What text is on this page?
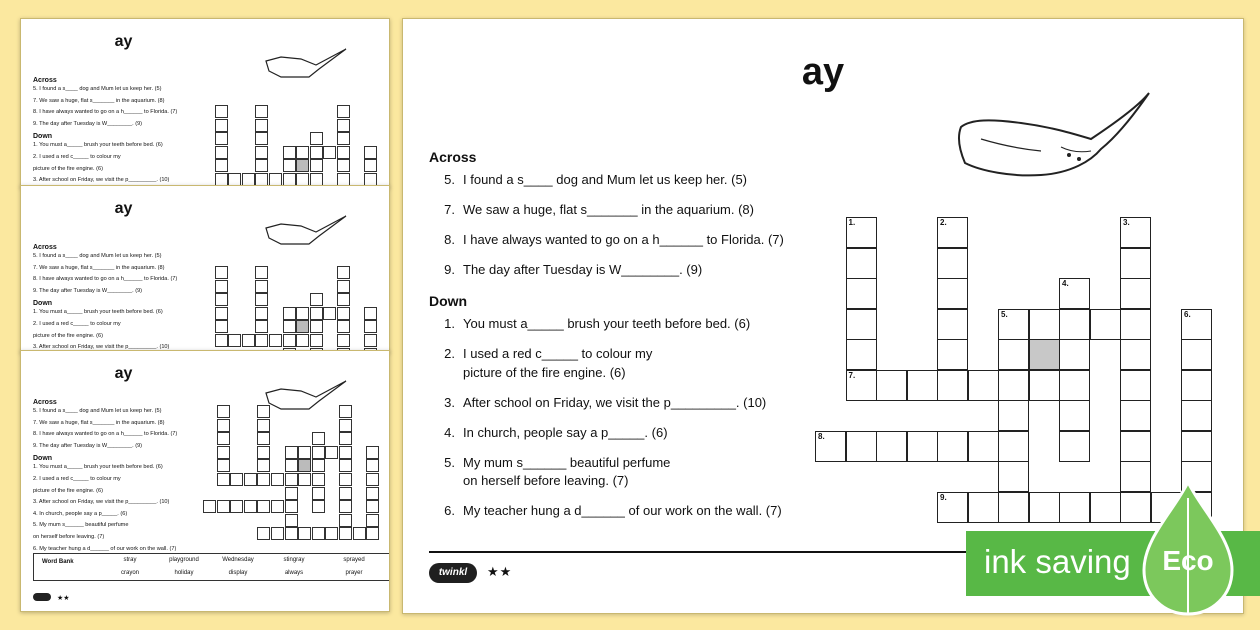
ay
Across
5. I found a s____ dog and Mum let us keep her. (5)
7. We saw a huge, flat s_______ in the aquarium. (8)
8. I have always wanted to go on a h______ to Florida. (7)
9. The day after Tuesday is W________. (9)
Down
1. You must a_____ brush your teeth before bed. (6)
2. I used a red c_____ to colour my
picture of the fire engine. (6)
3. After school on Friday, we visit the p_________. (10)
ay
Across
5. I found a s____ dog and Mum let us keep her. (5)
7. We saw a huge, flat s_______ in the aquarium. (8)
8. I have always wanted to go on a h______ to Florida. (7)
9. The day after Tuesday is W________. (9)
Down
1. You must a_____ brush your teeth before bed. (6)
2. I used a red c_____ to colour my
picture of the fire engine. (6)
3. After school on Friday, we visit the p_________. (10)
ay
Across
5. I found a s____ dog and Mum let us keep her. (5)
7. We saw a huge, flat s_______ in the aquarium. (8)
8. I have always wanted to go on a h______ to Florida. (7)
9. The day after Tuesday is W________. (9)
Down
1. You must a_____ brush your teeth before bed. (6)
2. I used a red c_____ to colour my
picture of the fire engine. (6)
3. After school on Friday, we visit the p_________. (10)
4. In church, people say a p_____. (6)
5. My mum s______ beautiful perfume
on herself before leaving. (7)
6. My teacher hung a d______ of our work on the wall. (7)
Word Bank	stray	playground	Wednesday	stingray	sprayed
crayon	holiday	display	always	prayer
★★
ay
Across
5. I found a s____ dog and Mum let us keep her. (5)
7. We saw a huge, flat s_______ in the aquarium. (8)
8. I have always wanted to go on a h______ to Florida. (7)
9. The day after Tuesday is W________. (9)
Down
1. You must a_____ brush your teeth before bed. (6)
2. I used a red c_____ to colour my
picture of the fire engine. (6)
3. After school on Friday, we visit the p_________. (10)
4. In church, people say a p_____. (6)
5. My mum s______ beautiful perfume
on herself before leaving. (7)
6. My teacher hung a d______ of our work on the wall. (7)
1.	2.	3.
4.
5.	6.
7.
8.
9.
twinkl	★★	ink saving Eco
